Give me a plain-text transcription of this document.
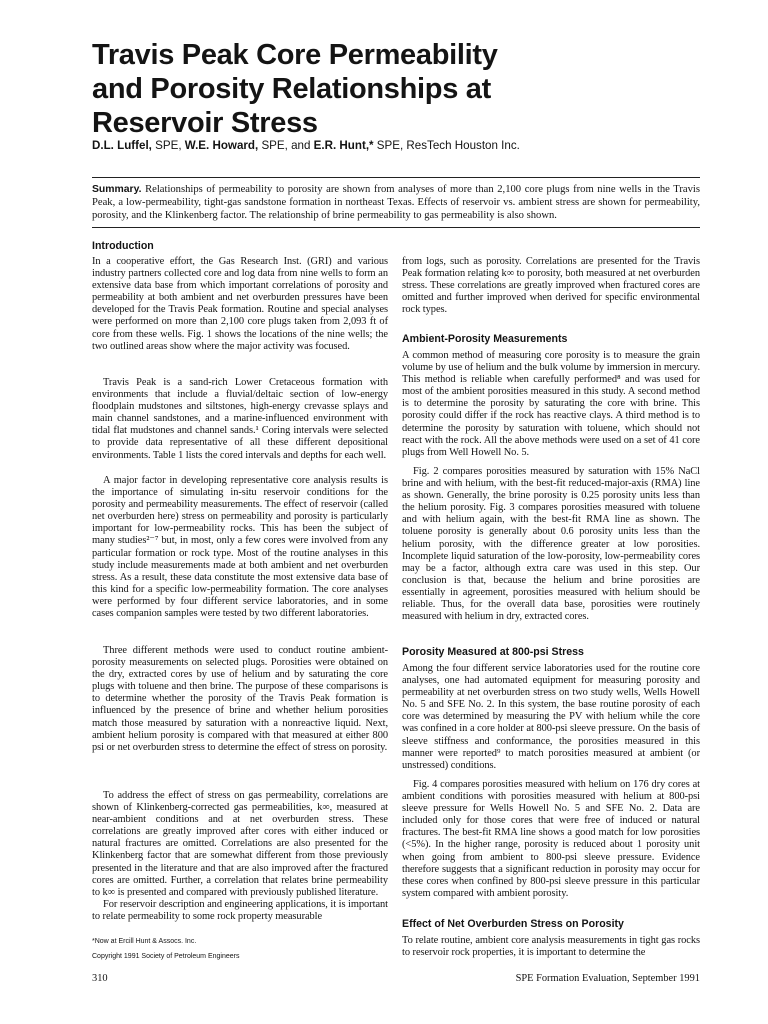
Travis Peak Core Permeability
and Porosity Relationships at
Reservoir Stress
D.L. Luffel, SPE, W.E. Howard, SPE, and E.R. Hunt,* SPE, ResTech Houston Inc.

Summary. Relationships of permeability to porosity are shown from analyses of more than 2,100 core plugs from nine wells in the Travis Peak, a low-permeability, tight-gas sandstone formation in northeast Texas. Effects of reservoir vs. ambient stress are shown for permeability, porosity, and the Klinkenberg factor. The relationship of brine permeability to gas permeability is also shown.

Introduction

In a cooperative effort, the Gas Research Inst. (GRI) and various industry partners collected core and log data from nine wells to form an extensive data base from which important correlations of porosity and permeability at both ambient and net overburden pressures have been developed for the Travis Peak formation. Routine and special analyses were performed on more than 2,100 core plugs taken from 2,093 ft of core from these wells. Fig. 1 shows the locations of the nine wells; the two outlined areas show where the major activity was focused.

Travis Peak is a sand-rich Lower Cretaceous formation with environments that include a fluvial/deltaic section of low-energy floodplain mudstones and siltstones, high-energy crevasse splays and main channel sandstones, and a marine-influenced environment with tidal flat mudstones and channel sands.¹ Coring intervals were selected to provide data representative of all these different depositional environments. Table 1 lists the cored intervals and depths for each well.

A major factor in developing representative core analysis results is the importance of simulating in-situ reservoir conditions for the porosity and permeability measurements. The effect of reservoir (called net overburden here) stress on permeability and porosity is particularly important for low-permeability rocks. This has been the subject of many studies²⁻⁷ but, in most, only a few cores were involved from any particular formation or rock type. Most of the routine analyses in this study include measurements made at both ambient and net overburden stress. As a result, these data constitute the most extensive data base of this kind for a specific low-permeability formation. The core analyses were performed by four different service laboratories, and in some cases companion samples were tested by two different laboratories.

Three different methods were used to conduct routine ambient-porosity measurements on selected plugs. Porosities were obtained on the dry, extracted cores by use of helium and by saturating the core plugs with toluene and then brine. The purpose of these comparisons is to determine whether the porosity of the Travis Peak formation is influenced by the presence of brine and whether helium porosities match those measured by saturation with a nonreactive liquid. Next, ambient helium porosity is compared with that measured at either 800 psi or net overburden stress to determine the effect of stress on porosity.

To address the effect of stress on gas permeability, correlations are shown of Klinkenberg-corrected gas permeabilities, k∞, measured at near-ambient conditions and at net overburden stress. These correlations are greatly improved after cores with either induced or natural fractures are omitted. Correlations are also presented for the Klinkenberg factor that are somewhat different from those previously presented in the literature and that are also improved after the fractured cores are omitted. Further, a correlation that relates brine permeability to k∞ is presented and compared with previously published literature.

For reservoir description and engineering applications, it is important to relate permeability to some rock property measurable

*Now at Ercill Hunt & Assocs. Inc.

Copyright 1991 Society of Petroleum Engineers

from logs, such as porosity. Correlations are presented for the Travis Peak formation relating k∞ to porosity, both measured at net overburden stress. These correlations are greatly improved when fractured cores are omitted and further improved when derived for specific environmental rock types.

Ambient-Porosity Measurements

A common method of measuring core porosity is to measure the grain volume by use of helium and the bulk volume by immersion in mercury. This method is reliable when carefully performed⁸ and was used for most of the ambient porosities measured in this study. A second method is to determine the porosity by saturating the core with brine. This porosity could differ if the rock has reactive clays. A third method is to determine the porosity by saturation with toluene, which should not react with the rock. All the above methods were used on a set of 41 core plugs from Well Howell No. 5.

Fig. 2 compares porosities measured by saturation with 15% NaCl brine and with helium, with the best-fit reduced-major-axis (RMA) line as shown. Generally, the brine porosity is 0.25 porosity units less than the helium porosity. Fig. 3 compares porosities measured with toluene and with helium again, with the best-fit RMA line as shown. The toluene porosity is generally about 0.6 porosity units less than the helium porosity, with the difference greater at low porosities. Incomplete liquid saturation of the low-porosity, low-permeability cores may be a factor, although extra care was used in this step. Our conclusion is that, because the helium and brine porosities are essentially in agreement, porosities measured with helium should be reliable. Thus, for the overall data base, porosities were routinely measured with helium in dry, extracted cores.

Porosity Measured at 800-psi Stress

Among the four different service laboratories used for the routine core analyses, one had automated equipment for measuring porosity and permeability at net overburden stress on two study wells, Wells Howell No. 5 and SFE No. 2. In this system, the base routine porosity of each core was determined by measuring the PV with helium while the core was confined in a core holder at 800-psi sleeve pressure. On the basis of sleeve stiffness and conformance, the porosities measured in this manner were reported⁹ to match porosities measured at ambient (or unstressed) conditions.

Fig. 4 compares porosities measured with helium on 176 dry cores at ambient conditions with porosities measured with helium at 800-psi sleeve pressure for Wells Howell No. 5 and SFE No. 2. Data are included only for those cores that were free of induced or natural fractures. The best-fit RMA line shows a good match for low porosities (<5%). In the higher range, porosity is reduced about 1 porosity unit when going from ambient to 800-psi sleeve pressure. Evidence therefore suggests that a significant reduction in porosity may occur for these cores when confined by 800-psi sleeve pressure in this particular system compared with ambient porosity.

Effect of Net Overburden Stress on Porosity

To relate routine, ambient core analysis measurements in tight gas rocks to reservoir rock properties, it is important to determine the

310	SPE Formation Evaluation, September 1991
